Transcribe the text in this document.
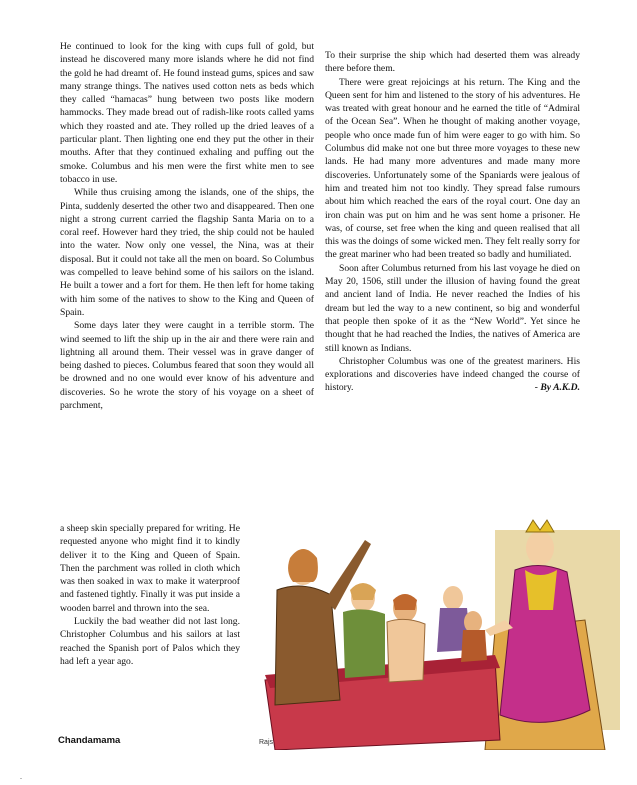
He continued to look for the king with cups full of gold, but instead he discovered many more islands where he did not find the gold he had dreamt of. He found instead gums, spices and saw many strange things. The natives used cotton nets as beds which they called “hamacas” hung between two posts like modern hammocks. They made bread out of radish-like roots called yams which they roasted and ate. They rolled up the dried leaves of a particular plant. Then lighting one end they put the other in their mouths. After that they continued exhaling and puffing out the smoke. Columbus and his men were the first white men to see tobacco in use.

While thus cruising among the islands, one of the ships, the Pinta, suddenly deserted the other two and disappeared. Then one night a strong current carried the flagship Santa Maria on to a coral reef. However hard they tried, the ship could not be hauled into the water. Now only one vessel, the Nina, was at their disposal. But it could not take all the men on board. So Columbus was compelled to leave behind some of his sailors on the island. He built a tower and a fort for them. He then left for home taking with him some of the natives to show to the King and Queen of Spain.

Some days later they were caught in a terrible storm. The wind seemed to lift the ship up in the air and there were rain and lightning all around them. Their vessel was in grave danger of being dashed to pieces. Columbus feared that soon they would all be drowned and no one would ever know of his adventure and discoveries. So he wrote the story of his voyage on a sheet of parchment,

a sheep skin specially prepared for writing. He requested anyone who might find it to kindly deliver it to the King and Queen of Spain. Then the parchment was rolled in cloth which was then soaked in wax to make it waterproof and fastened tightly. Finally it was put inside a wooden barrel and thrown into the sea.

Luckily the bad weather did not last long. Christopher Columbus and his sailors at last reached the Spanish port of Palos which they had left a year ago.

To their surprise the ship which had deserted them was already there before them.

There were great rejoicings at his return. The King and the Queen sent for him and listened to the story of his adventures. He was treated with great honour and he earned the title of “Admiral of the Ocean Sea”. When he thought of making another voyage, people who once made fun of him were eager to go with him. So Columbus did make not one but three more voyages to these new lands. He had many more adventures and made many more discoveries. Unfortunately some of the Spaniards were jealous of him and treated him not too kindly. They spread false rumours about him which reached the ears of the royal court. One day an iron chain was put on him and he was sent home a prisoner. He was, of course, set free when the king and queen realised that all this was the doings of some wicked men. They felt really sorry for the great mariner who had been treated so badly and humiliated.

Soon after Columbus returned from his last voyage he died on May 20, 1506, still under the illusion of having found the great and ancient land of India. He never reached the Indies of his dream but led the way to a new continent, so big and wonderful that people then spoke of it as the “New World”. Yet since he thought that he had reached the Indies, the natives of America are still known as Indians.

Christopher Columbus was one of the greatest mariners. His explorations and discoveries have indeed changed the course of history.	- By A.K.D.

Rajs
Chandamama
.
